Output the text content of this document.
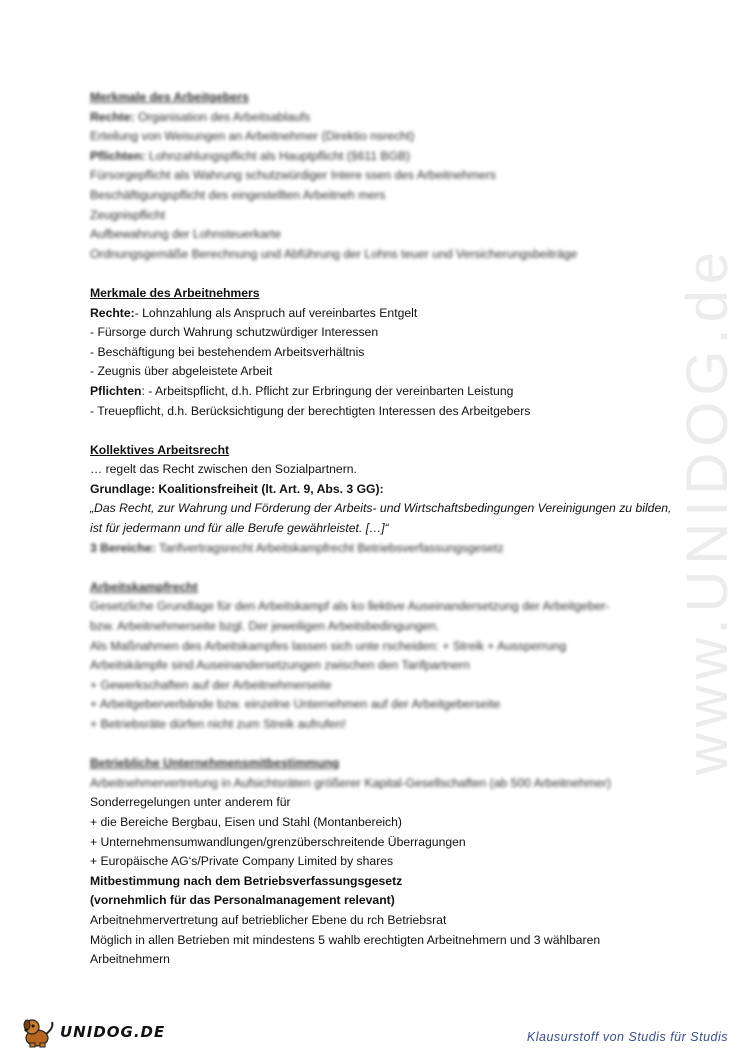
www.UNIDOG.de
Merkmale des Arbeitgebers
Rechte: Organisation des Arbeitsablaufs
Erteilung von Weisungen an Arbeitnehmer (Direktio nsrecht)
Pflichten: Lohnzahlungspflicht als Hauptpflicht (§611 BGB)
Fürsorgepflicht als Wahrung schutzwürdiger Intere ssen des Arbeitnehmers
Beschäftigungspflicht des eingestellten Arbeitneh mers
Zeugnispflicht
Aufbewahrung der Lohnsteuerkarte
Ordnungsgemäße Berechnung und Abführung der Lohns teuer und Versicherungsbeiträge
Merkmale des Arbeitnehmers
Rechte:- Lohnzahlung als Anspruch auf vereinbartes Entgelt
- Fürsorge durch Wahrung schutzwürdiger Interessen
- Beschäftigung bei bestehendem Arbeitsverhältnis
- Zeugnis über abgeleistete Arbeit
Pflichten: - Arbeitspflicht, d.h. Pflicht zur Erbringung der vereinbarten Leistung
- Treuepflicht, d.h. Berücksichtigung der berechtigten Interessen des Arbeitgebers
Kollektives Arbeitsrecht
… regelt das Recht zwischen den Sozialpartnern.
Grundlage: Koalitionsfreiheit (lt. Art. 9, Abs. 3 GG):
„Das Recht, zur Wahrung und Förderung der Arbeits- und Wirtschaftsbedingungen Vereinigungen zu bilden, ist für jedermann und für alle Berufe gewährleistet. […]“
3 Bereiche: Tarifvertragsrecht Arbeitskampfrecht Betriebsverfassungsgesetz
Arbeitskampfrecht
Gesetzliche Grundlage für den Arbeitskampf als ko llektive Auseinandersetzung der Arbeitgeber-
bzw. Arbeitnehmerseite bzgl. Der jeweiligen Arbeitsbedingungen.
Als Maßnahmen des Arbeitskampfes lassen sich unte rscheiden: + Streik + Aussperrung
Arbeitskämpfe sind Auseinandersetzungen zwischen den Tarifpartnern
+ Gewerkschaften auf der Arbeitnehmerseite
+ Arbeitgeberverbände bzw. einzelne Unternehmen auf der Arbeitgeberseite
+ Betriebsräte dürfen nicht zum Streik aufrufen!
Betriebliche Unternehmensmitbestimmung
Arbeitnehmervertretung in Aufsichtsräten größerer Kapital-Gesellschaften (ab 500 Arbeitnehmer)
Sonderregelungen unter anderem für
+ die Bereiche Bergbau, Eisen und Stahl (Montanbereich)
+ Unternehmensumwandlungen/grenzüberschreitende Überragungen
+ Europäische AG‘s/Private Company Limited by shares
Mitbestimmung nach dem Betriebsverfassungsgesetz
(vornehmlich für das Personalmanagement relevant)
Arbeitnehmervertretung auf betrieblicher Ebene du rch Betriebsrat
Möglich in allen Betrieben mit mindestens 5 wahlb erechtigten Arbeitnehmern und 3 wählbaren
Arbeitnehmern
UNIDOG.DE	Klausurstoff von Studis für Studis
